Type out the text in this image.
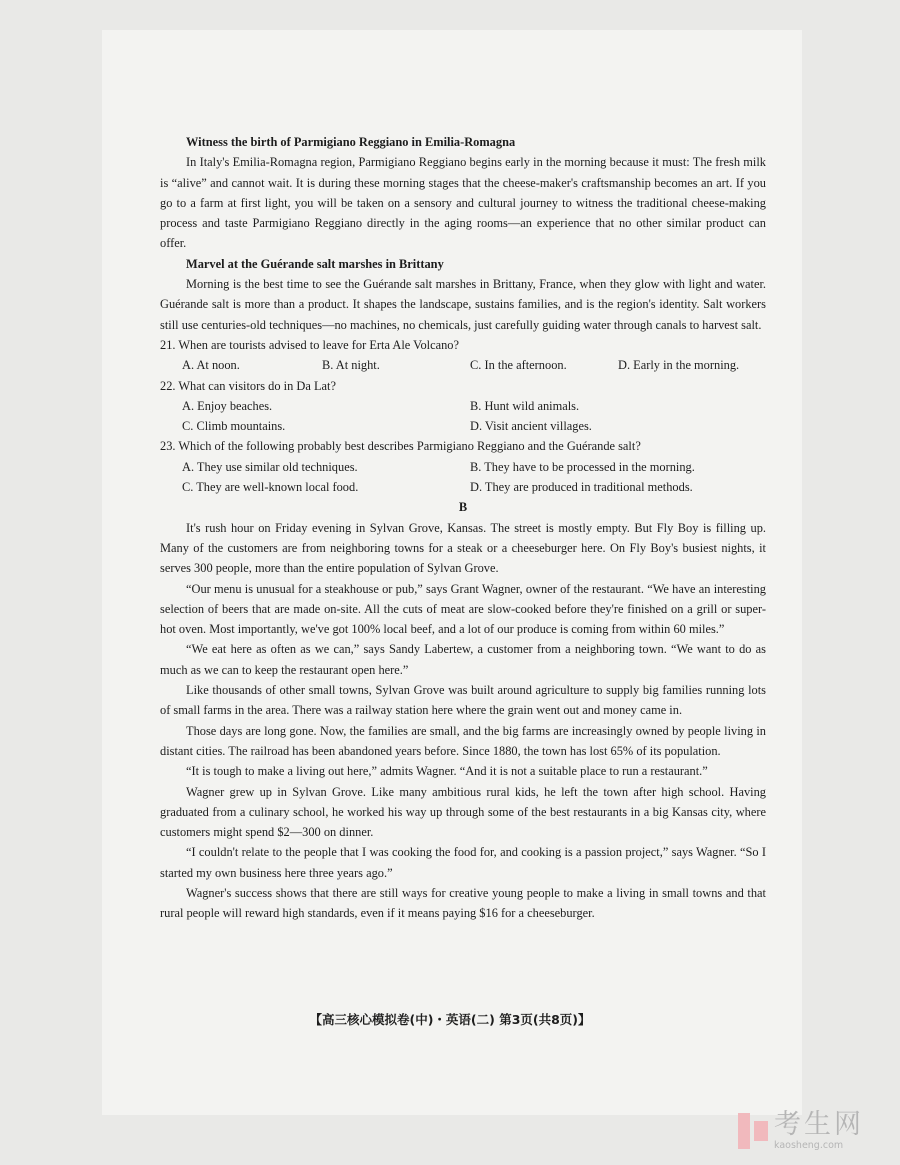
Witness the birth of Parmigiano Reggiano in Emilia-Romagna

In Italy's Emilia-Romagna region, Parmigiano Reggiano begins early in the morning because it must: The fresh milk is “alive” and cannot wait. It is during these morning stages that the cheese-maker's craftsmanship becomes an art. If you go to a farm at first light, you will be taken on a sensory and cultural journey to witness the traditional cheese-making process and taste Parmigiano Reggiano directly in the aging rooms—an experience that no other similar product can offer.

Marvel at the Guérande salt marshes in Brittany

Morning is the best time to see the Guérande salt marshes in Brittany, France, when they glow with light and water. Guérande salt is more than a product. It shapes the landscape, sustains families, and is the region's identity. Salt workers still use centuries-old techniques—no machines, no chemicals, just carefully guiding water through canals to harvest salt.

21. When are tourists advised to leave for Erta Ale Volcano?

A. At noon.	B. At night.	C. In the afternoon.	D. Early in the morning.

22. What can visitors do in Da Lat?

A. Enjoy beaches.	B. Hunt wild animals.
C. Climb mountains.	D. Visit ancient villages.

23. Which of the following probably best describes Parmigiano Reggiano and the Guérande salt?

A. They use similar old techniques.	B. They have to be processed in the morning.
C. They are well-known local food.	D. They are produced in traditional methods.
B

It's rush hour on Friday evening in Sylvan Grove, Kansas. The street is mostly empty. But Fly Boy is filling up. Many of the customers are from neighboring towns for a steak or a cheeseburger here. On Fly Boy's busiest nights, it serves 300 people, more than the entire population of Sylvan Grove.

“Our menu is unusual for a steakhouse or pub,” says Grant Wagner, owner of the restaurant. “We have an interesting selection of beers that are made on-site. All the cuts of meat are slow-cooked before they're finished on a grill or super-hot oven. Most importantly, we've got 100% local beef, and a lot of our produce is coming from within 60 miles.”

“We eat here as often as we can,” says Sandy Labertew, a customer from a neighboring town. “We want to do as much as we can to keep the restaurant open here.”

Like thousands of other small towns, Sylvan Grove was built around agriculture to supply big families running lots of small farms in the area. There was a railway station here where the grain went out and money came in.

Those days are long gone. Now, the families are small, and the big farms are increasingly owned by people living in distant cities. The railroad has been abandoned years before. Since 1880, the town has lost 65% of its population.

“It is tough to make a living out here,” admits Wagner. “And it is not a suitable place to run a restaurant.”

Wagner grew up in Sylvan Grove. Like many ambitious rural kids, he left the town after high school. Having graduated from a culinary school, he worked his way up through some of the best restaurants in a big Kansas city, where customers might spend $2—300 on dinner.

“I couldn't relate to the people that I was cooking the food for, and cooking is a passion project,” says Wagner. “So I started my own business here three years ago.”

Wagner's success shows that there are still ways for creative young people to make a living in small towns and that rural people will reward high standards, even if it means paying $16 for a cheeseburger.

【高三核心模拟卷(中)・英语(二) 第3页(共8页)】
考生网
kaosheng.com
